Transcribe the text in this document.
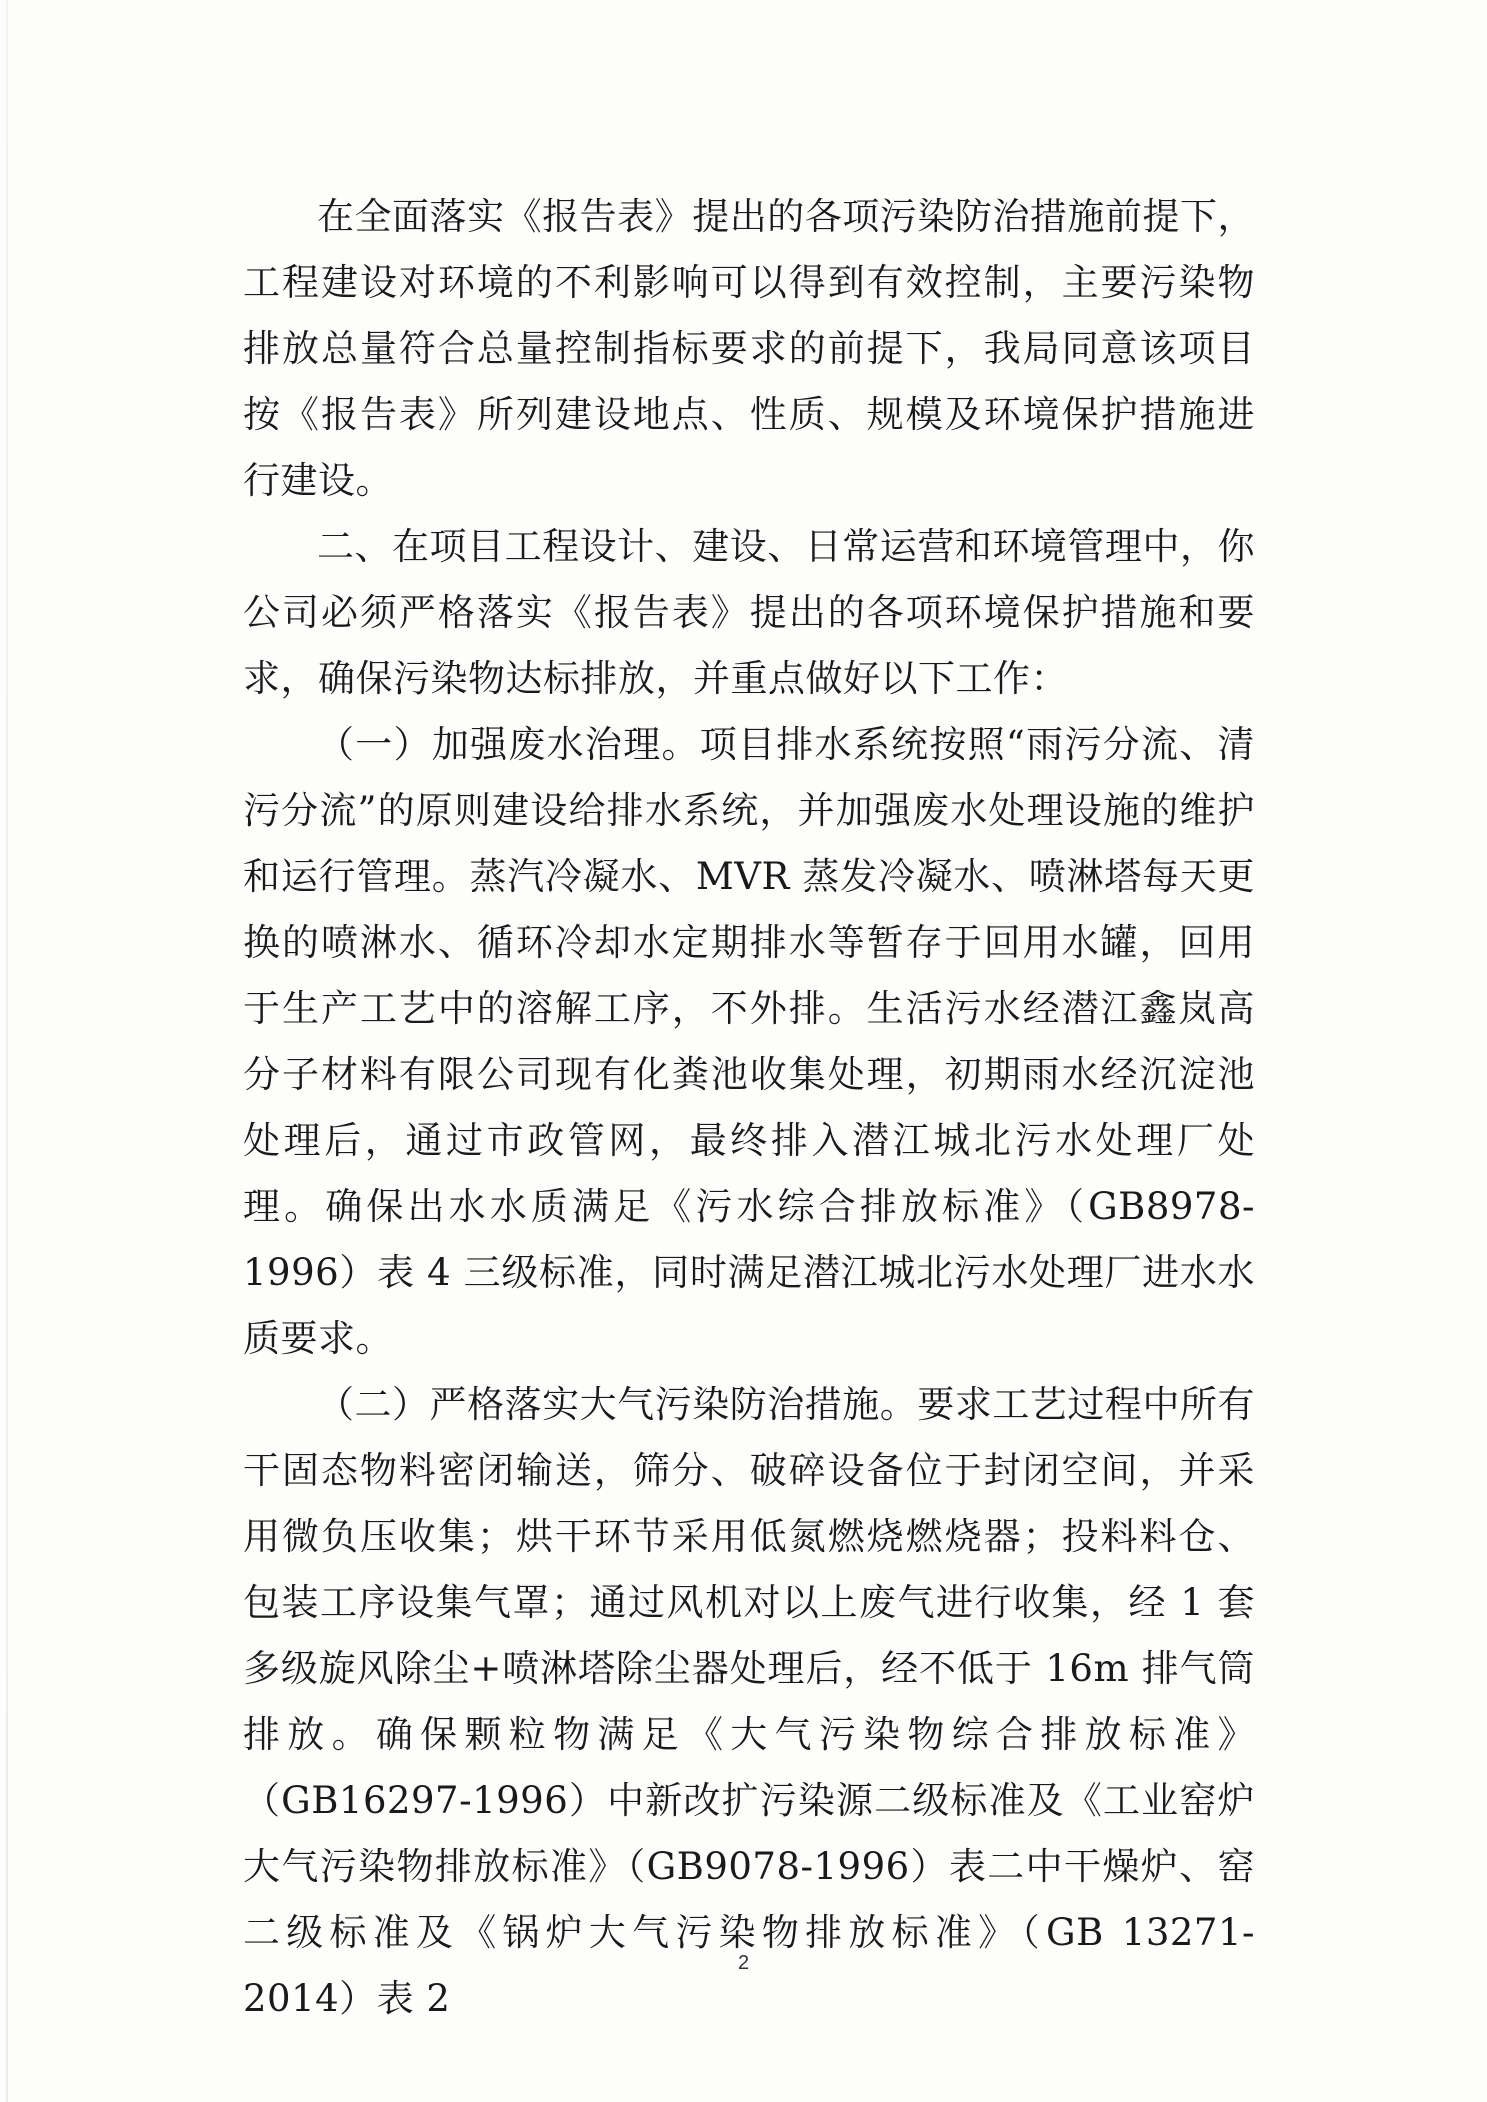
在全面落实《报告表》提出的各项污染防治措施前提下，工程建设对环境的不利影响可以得到有效控制，主要污染物排放总量符合总量控制指标要求的前提下，我局同意该项目按《报告表》所列建设地点、性质、规模及环境保护措施进行建设。

二、在项目工程设计、建设、日常运营和环境管理中，你公司必须严格落实《报告表》提出的各项环境保护措施和要求，确保污染物达标排放，并重点做好以下工作：

（一）加强废水治理。项目排水系统按照“雨污分流、清污分流”的原则建设给排水系统，并加强废水处理设施的维护和运行管理。蒸汽冷凝水、MVR 蒸发冷凝水、喷淋塔每天更换的喷淋水、循环冷却水定期排水等暂存于回用水罐，回用于生产工艺中的溶解工序，不外排。生活污水经潜江鑫岚高分子材料有限公司现有化粪池收集处理，初期雨水经沉淀池处理后，通过市政管网，最终排入潜江城北污水处理厂处理。确保出水水质满足《污水综合排放标准》（GB8978-1996）表 4 三级标准，同时满足潜江城北污水处理厂进水水质要求。

（二）严格落实大气污染防治措施。要求工艺过程中所有干固态物料密闭输送，筛分、破碎设备位于封闭空间，并采用微负压收集；烘干环节采用低氮燃烧燃烧器；投料料仓、包装工序设集气罩；通过风机对以上废气进行收集，经 1 套多级旋风除尘+喷淋塔除尘器处理后，经不低于 16m 排气筒排放。确保颗粒物满足《大气污染物综合排放标准》（GB16297-1996）中新改扩污染源二级标准及《工业窑炉大气污染物排放标准》（GB9078-1996）表二中干燥炉、窑二级标准及《锅炉大气污染物排放标准》（GB 13271-2014）表 2

2
